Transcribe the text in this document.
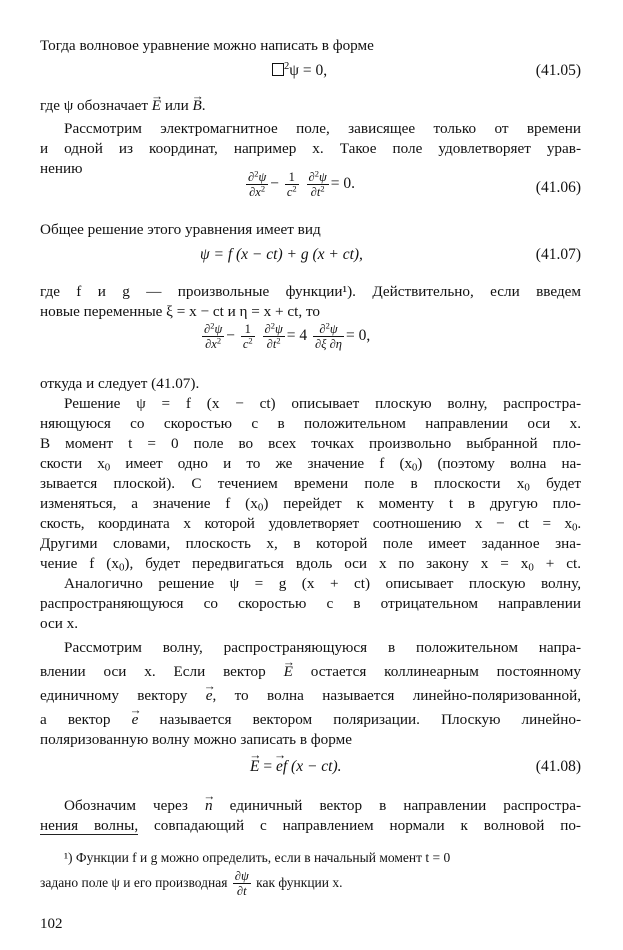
Тогда волновое уравнение можно написать в форме
$^2$ψ = 0,	(41.05)
где ψ обозначает → E или → B.
Рассмотрим электромагнитное поле, зависящее только от времени
и одной из координат, например x. Такое поле удовлетворяет урав-
нению
$\frac{\partial^2\psi}{\partial x^2} - \frac{1}{c^2}$
$\frac{\partial^2\psi}{\partial t^2} = 0$.	(41.06)
Общее решение этого уравнения имеет вид
ψ = f (x − ct) + g (x + ct),	(41.07)
где f и g — произвольные функции¹). Действительно, если введем
новые переменные ξ = x − ct и η = x + ct, то
$\frac{\partial^2\psi}{\partial x^2} - \frac{1}{c^2}$
$\frac{\partial^2\psi}{\partial t^2} = 4 \frac{\partial^2\psi}{\partial\xi \partial\eta} = 0$,
откуда и следует (41.07).
Решение ψ = f (x − ct) описывает плоскую волну, распростра-
няющуюся со скоростью c в положительном направлении оси x.
В момент t = 0 поле во всех точках произвольно выбранной пло-
скости $x_0$ имеет одно и то же значение f $(x_0)$ (поэтому волна на-
зывается плоской). С течением времени поле в плоскости $x_0$ будет
изменяться, а значение f $(x_0)$ перейдет к моменту t в другую пло-
скость, координата x которой удовлетворяет соотношению x − ct = $x_0$.
Другими словами, плоскость x, в которой поле имеет заданное зна-
чение f $(x_0)$, будет передвигаться вдоль оси x по закону $x = x_0$ + ct.
Аналогично решение ψ = g (x + ct) описывает плоскую волну,
распространяющуюся со скоростью c в отрицательном направлении
оси x.
Рассмотрим волну, распространяющуюся в положительном напра-
влении оси x. Если вектор → E остается коллинеарным постоянному
единичному вектору → e, то волна называется линейно-поляризованной,
а вектор → e называется вектором поляризации. Плоскую линейно-
поляризованную волну можно записать в форме
→ E = → ef (x − ct).	(41.08)
Обозначим через → n единичный вектор в направлении распростра-
нения волны, совпадающий с направлением нормали к волновой по-
¹) Функции f и g можно определить, если в начальный момент t = 0
задано поле ψ и его производная $\frac{\partial\psi}{\partial t}$ как функции x.
102
